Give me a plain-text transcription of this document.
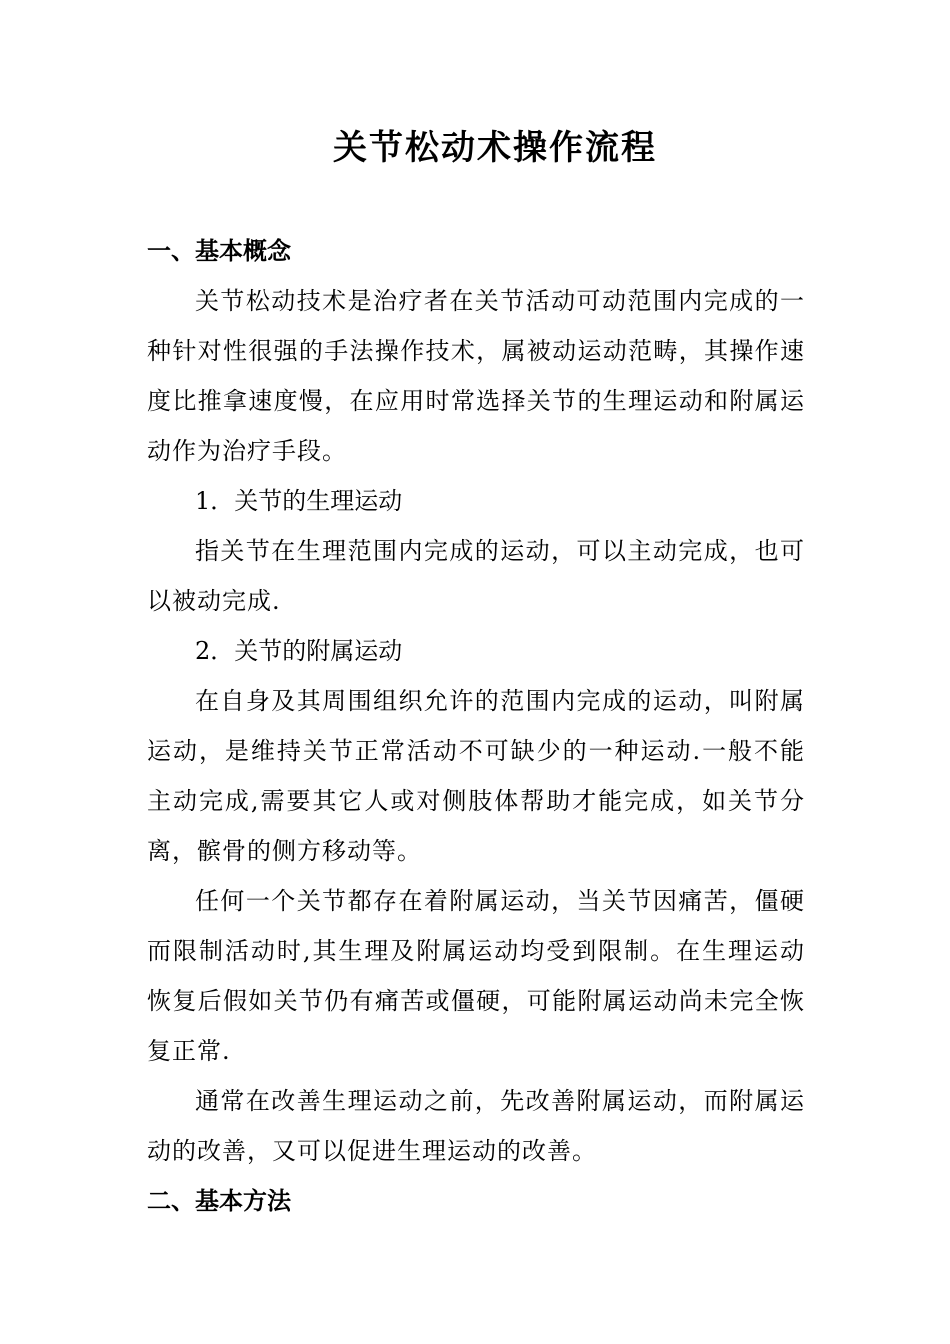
关节松动术操作流程
一、基本概念

关节松动技术是治疗者在关节活动可动范围内完成的一种针对性很强的手法操作技术，属被动运动范畴，其操作速度比推拿速度慢，在应用时常选择关节的生理运动和附属运动作为治疗手段。

1．关节的生理运动

指关节在生理范围内完成的运动，可以主动完成，也可以被动完成.

2．关节的附属运动

在自身及其周围组织允许的范围内完成的运动，叫附属运动，是维持关节正常活动不可缺少的一种运动.一般不能主动完成,需要其它人或对侧肢体帮助才能完成，如关节分离，髌骨的侧方移动等。

任何一个关节都存在着附属运动，当关节因痛苦，僵硬而限制活动时,其生理及附属运动均受到限制。在生理运动恢复后假如关节仍有痛苦或僵硬，可能附属运动尚未完全恢复正常.

通常在改善生理运动之前，先改善附属运动，而附属运动的改善，又可以促进生理运动的改善。

二、基本方法
